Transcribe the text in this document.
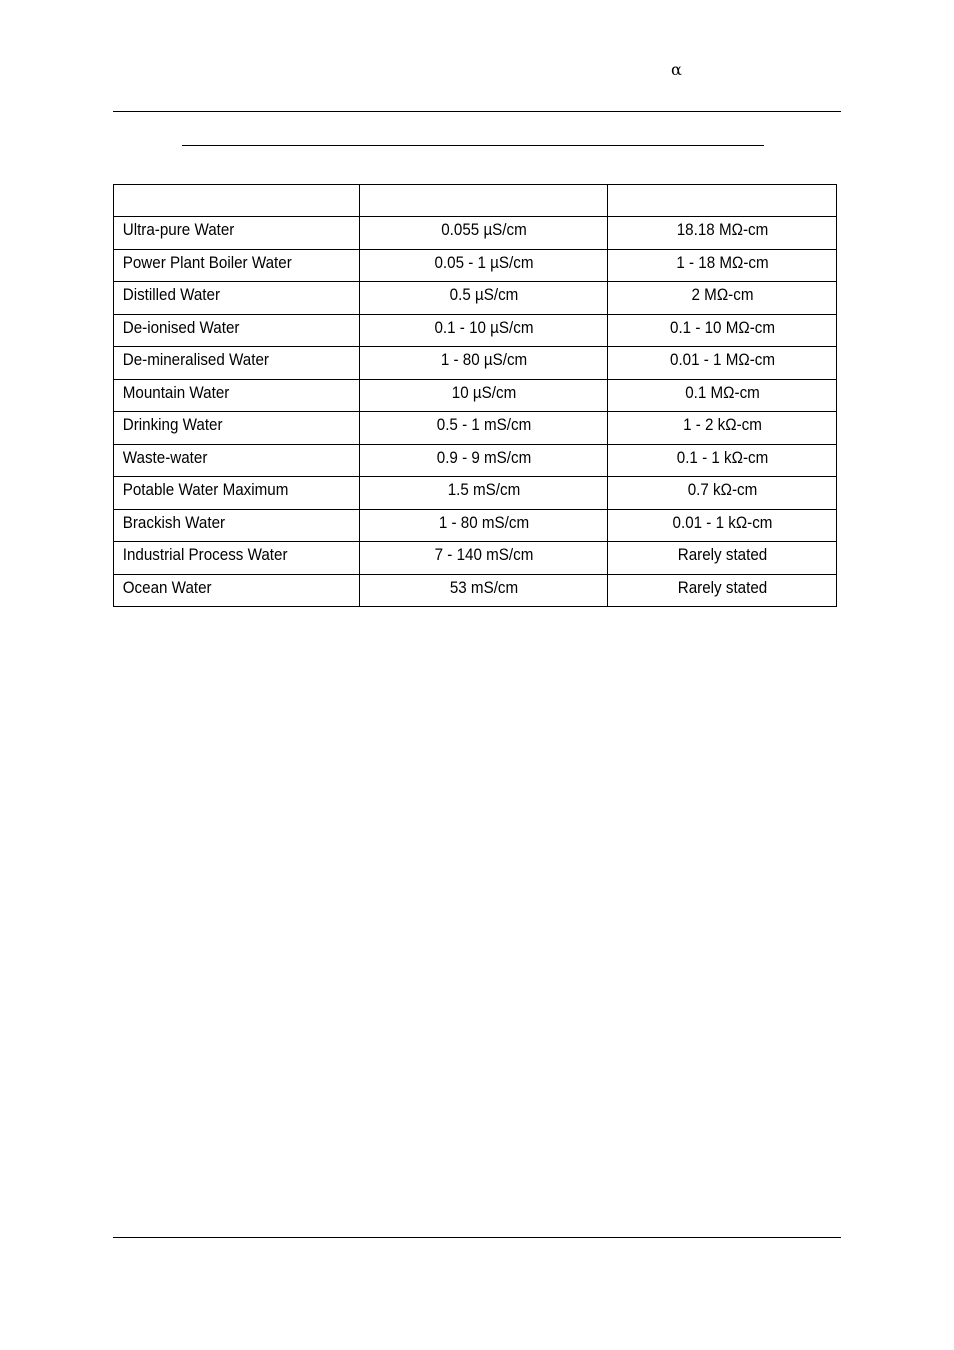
α

Ultra-pure Water	0.055 µS/cm	18.18 MΩ-cm
Power Plant Boiler Water	0.05 - 1 µS/cm	1 - 18 MΩ-cm
Distilled Water	0.5 µS/cm	2 MΩ-cm
De-ionised Water	0.1 - 10 µS/cm	0.1 - 10 MΩ-cm
De-mineralised Water	1 - 80 µS/cm	0.01 - 1 MΩ-cm
Mountain Water	10 µS/cm	0.1 MΩ-cm
Drinking Water	0.5 - 1 mS/cm	1 - 2 kΩ-cm
Waste-water	0.9 - 9 mS/cm	0.1 - 1 kΩ-cm
Potable Water Maximum	1.5 mS/cm	0.7 kΩ-cm
Brackish Water	1 - 80 mS/cm	0.01 - 1 kΩ-cm
Industrial Process Water	7 - 140 mS/cm	Rarely stated
Ocean Water	53 mS/cm	Rarely stated
